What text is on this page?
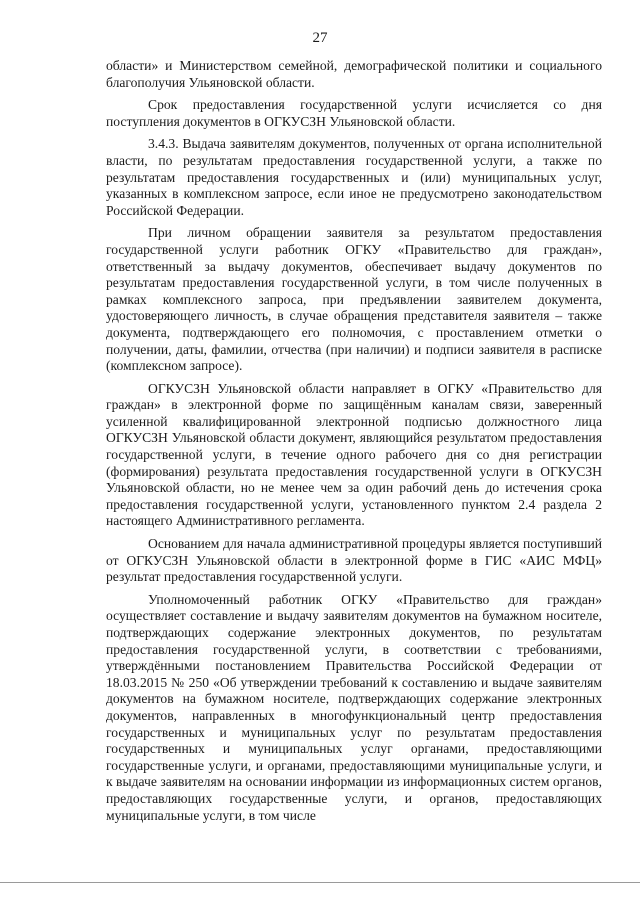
27

области» и Министерством семейной, демографической политики и социального благополучия Ульяновской области.

Срок предоставления государственной услуги исчисляется со дня поступления документов в ОГКУСЗН Ульяновской области.

3.4.3. Выдача заявителям документов, полученных от органа исполнительной власти, по результатам предоставления государственной услуги, а также по результатам предоставления государственных и (или) муниципальных услуг, указанных в комплексном запросе, если иное не предусмотрено законодательством Российской Федерации.

При личном обращении заявителя за результатом предоставления государственной услуги работник ОГКУ «Правительство для граждан», ответственный за выдачу документов, обеспечивает выдачу документов по результатам предоставления государственной услуги, в том числе полученных в рамках комплексного запроса, при предъявлении заявителем документа, удостоверяющего личность, в случае обращения представителя заявителя – также документа, подтверждающего его полномочия, с проставлением отметки о получении, даты, фамилии, отчества (при наличии) и подписи заявителя в расписке (комплексном запросе).

ОГКУСЗН Ульяновской области направляет в ОГКУ «Правительство для граждан» в электронной форме по защищённым каналам связи, заверенный усиленной квалифицированной электронной подписью должностного лица ОГКУСЗН Ульяновской области документ, являющийся результатом предоставления государственной услуги, в течение одного рабочего дня со дня регистрации (формирования) результата предоставления государственной услуги в ОГКУСЗН Ульяновской области, но не менее чем за один рабочий день до истечения срока предоставления государственной услуги, установленного пунктом 2.4 раздела 2 настоящего Административного регламента.

Основанием для начала административной процедуры является поступивший от ОГКУСЗН Ульяновской области в электронной форме в ГИС «АИС МФЦ» результат предоставления государственной услуги.

Уполномоченный работник ОГКУ «Правительство для граждан» осуществляет составление и выдачу заявителям документов на бумажном носителе, подтверждающих содержание электронных документов, по результатам предоставления государственной услуги, в соответствии с требованиями, утверждёнными постановлением Правительства Российской Федерации от 18.03.2015 № 250 «Об утверждении требований к составлению и выдаче заявителям документов на бумажном носителе, подтверждающих содержание электронных документов, направленных в многофункциональный центр предоставления государственных и муниципальных услуг по результатам предоставления государственных и муниципальных услуг органами, предоставляющими государственные услуги, и органами, предоставляющими муниципальные услуги, и к выдаче заявителям на основании информации из информационных систем органов, предоставляющих государственные услуги, и органов, предоставляющих муниципальные услуги, в том числе
